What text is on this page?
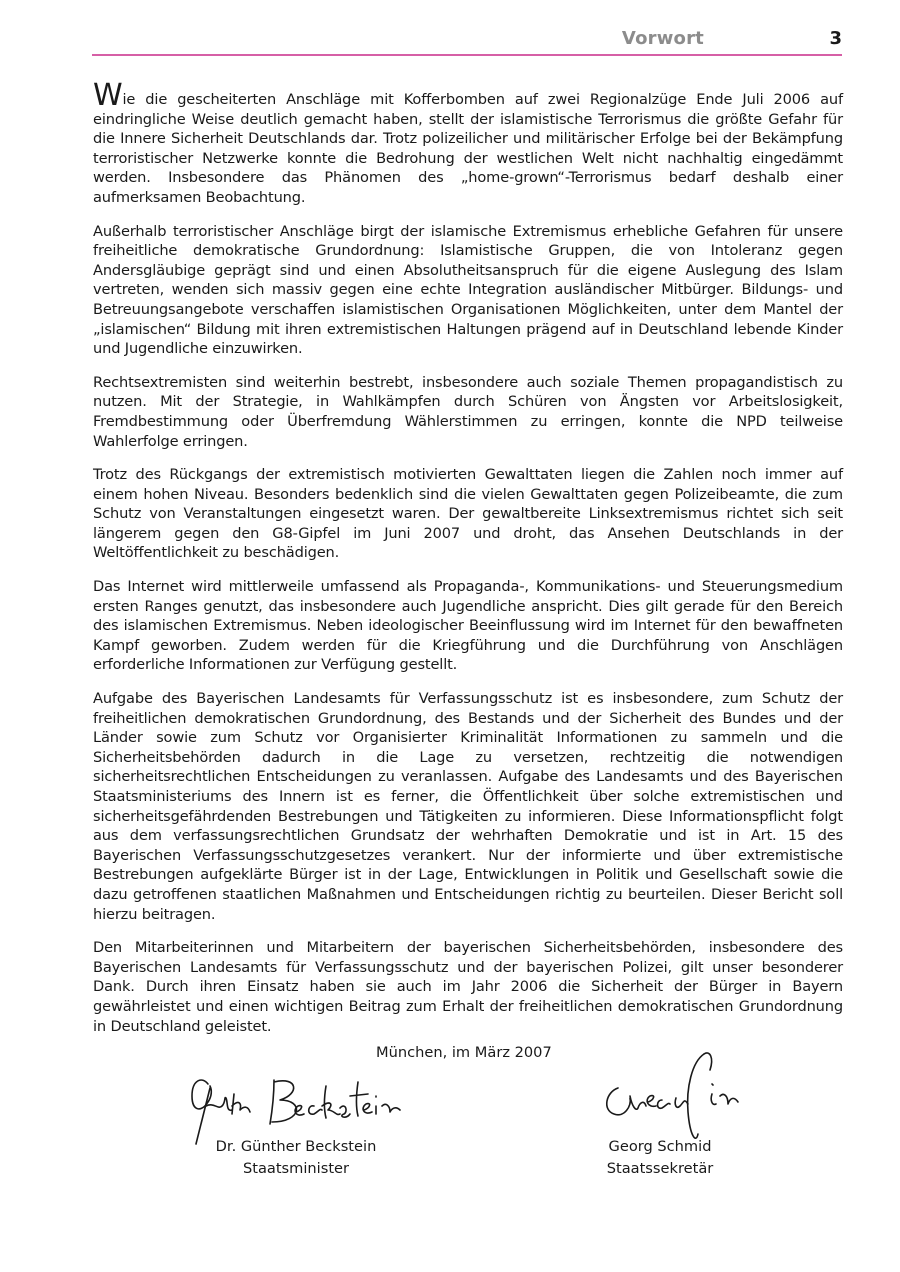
Vorwort	3

Wie die gescheiterten Anschläge mit Kofferbomben auf zwei Regionalzüge Ende Juli 2006 auf eindringliche Weise deutlich gemacht haben, stellt der islamistische Terrorismus die größte Gefahr für die Innere Sicherheit Deutschlands dar. Trotz polizeilicher und militärischer Erfolge bei der Bekämpfung terroristischer Netzwerke konnte die Bedrohung der westlichen Welt nicht nachhaltig eingedämmt werden. Insbesondere das Phänomen des „home-grown“-Terrorismus bedarf deshalb einer aufmerksamen Beobachtung.

Außerhalb terroristischer Anschläge birgt der islamische Extremismus erhebliche Gefahren für unsere freiheitliche demokratische Grundordnung: Islamistische Gruppen, die von Intoleranz gegen Andersgläubige geprägt sind und einen Absolutheitsanspruch für die eigene Auslegung des Islam vertreten, wenden sich massiv gegen eine echte Integration ausländischer Mitbürger. Bildungs- und Betreuungsangebote verschaffen islamistischen Organisationen Möglichkeiten, unter dem Mantel der „islamischen“ Bildung mit ihren extremistischen Haltungen prägend auf in Deutschland lebende Kinder und Jugendliche einzuwirken.

Rechtsextremisten sind weiterhin bestrebt, insbesondere auch soziale Themen propagandistisch zu nutzen. Mit der Strategie, in Wahlkämpfen durch Schüren von Ängsten vor Arbeitslosigkeit, Fremdbestimmung oder Überfremdung Wählerstimmen zu erringen, konnte die NPD teilweise Wahlerfolge erringen.

Trotz des Rückgangs der extremistisch motivierten Gewalttaten liegen die Zahlen noch immer auf einem hohen Niveau. Besonders bedenklich sind die vielen Gewalttaten gegen Polizeibeamte, die zum Schutz von Veranstaltungen eingesetzt waren. Der gewaltbereite Linksextremismus richtet sich seit längerem gegen den G8-Gipfel im Juni 2007 und droht, das Ansehen Deutschlands in der Weltöffentlichkeit zu beschädigen.

Das Internet wird mittlerweile umfassend als Propaganda-, Kommunikations- und Steuerungsmedium ersten Ranges genutzt, das insbesondere auch Jugendliche anspricht. Dies gilt gerade für den Bereich des islamischen Extremismus. Neben ideologischer Beeinflussung wird im Internet für den bewaffneten Kampf geworben. Zudem werden für die Kriegführung und die Durchführung von Anschlägen erforderliche Informationen zur Verfügung gestellt.

Aufgabe des Bayerischen Landesamts für Verfassungsschutz ist es insbesondere, zum Schutz der freiheitlichen demokratischen Grundordnung, des Bestands und der Sicherheit des Bundes und der Länder sowie zum Schutz vor Organisierter Kriminalität Informationen zu sammeln und die Sicherheitsbehörden dadurch in die Lage zu versetzen, rechtzeitig die notwendigen sicherheitsrechtlichen Entscheidungen zu veranlassen. Aufgabe des Landesamts und des Bayerischen Staatsministeriums des Innern ist es ferner, die Öffentlichkeit über solche extremistischen und sicherheitsgefährdenden Bestrebungen und Tätigkeiten zu informieren. Diese Informationspflicht folgt aus dem verfassungsrechtlichen Grundsatz der wehrhaften Demokratie und ist in Art. 15 des Bayerischen Verfassungsschutzgesetzes verankert. Nur der informierte und über extremistische Bestrebungen aufgeklärte Bürger ist in der Lage, Entwicklungen in Politik und Gesellschaft sowie die dazu getroffenen staatlichen Maßnahmen und Entscheidungen richtig zu beurteilen. Dieser Bericht soll hierzu beitragen.

Den Mitarbeiterinnen und Mitarbeitern der bayerischen Sicherheitsbehörden, insbesondere des Bayerischen Landesamts für Verfassungsschutz und der bayerischen Polizei, gilt unser besonderer Dank. Durch ihren Einsatz haben sie auch im Jahr 2006 die Sicherheit der Bürger in Bayern gewährleistet und einen wichtigen Beitrag zum Erhalt der freiheitlichen demokratischen Grundordnung in Deutschland geleistet.

München, im März 2007
Dr. Günther Beckstein
Staatsminister
Georg Schmid
Staatssekretär
